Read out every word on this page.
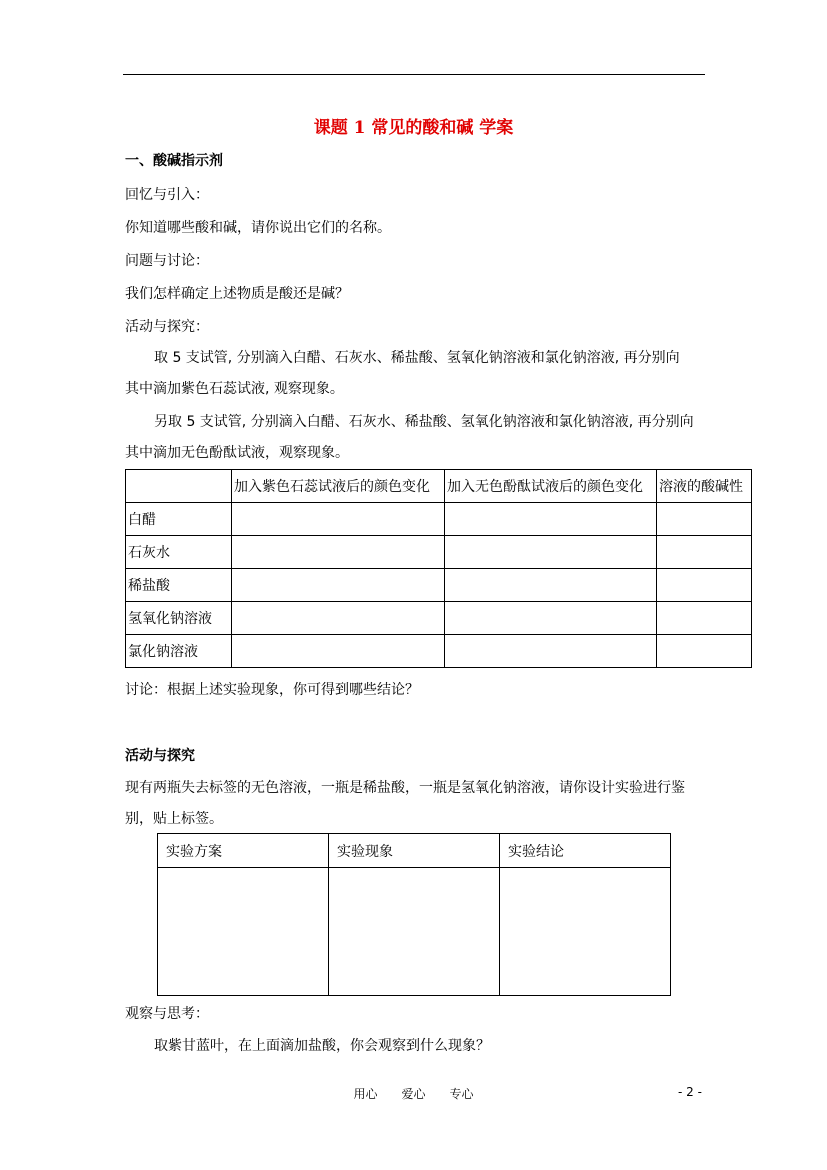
课题 1 常见的酸和碱 学案
一、酸碱指示剂
回忆与引入：
你知道哪些酸和碱，请你说出它们的名称。
问题与讨论：
我们怎样确定上述物质是酸还是碱？
活动与探究：
取 5 支试管, 分别滴入白醋、石灰水、稀盐酸、氢氧化钠溶液和氯化钠溶液, 再分别向
其中滴加紫色石蕊试液, 观察现象。
另取 5 支试管, 分别滴入白醋、石灰水、稀盐酸、氢氧化钠溶液和氯化钠溶液, 再分别向
其中滴加无色酚酞试液，观察现象。
	加入紫色石蕊试液后的颜色变化	加入无色酚酞试液后的颜色变化	溶液的酸碱性
白醋			
石灰水			
稀盐酸			
氢氧化钠溶液			
氯化钠溶液			
讨论：根据上述实验现象，你可得到哪些结论？
活动与探究
现有两瓶失去标签的无色溶液，一瓶是稀盐酸，一瓶是氢氧化钠溶液，请你设计实验进行鉴
别，贴上标签。
实验方案	实验现象	实验结论

观察与思考：
取紫甘蓝叶，在上面滴加盐酸，你会观察到什么现象？
用心　　爱心　　专心	- 2 -
